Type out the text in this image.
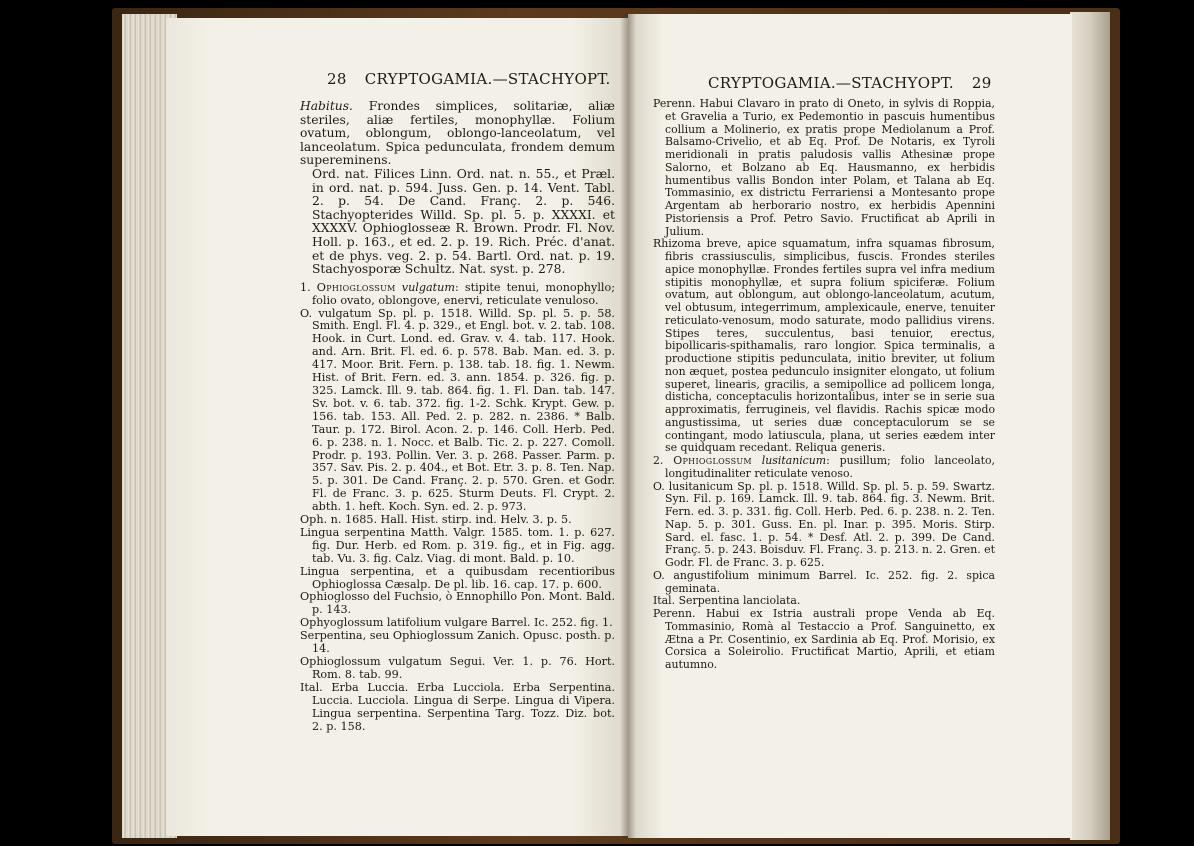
28 CRYPTOGAMIA.—STACHYOPT.

Habitus. Frondes simplices, solitariæ, aliæ steriles, aliæ fertiles, monophyllæ. Folium ovatum, oblongum, oblongo-lanceolatum, vel lanceolatum. Spica pedunculata, frondem demum supereminens.

Ord. nat. Filices Linn. Ord. nat. n. 55., et Præl. in ord. nat. p. 594. Juss. Gen. p. 14. Vent. Tabl. 2. p. 54. De Cand. Franç. 2. p. 546. Stachyopterides Willd. Sp. pl. 5. p. XXXXI. et XXXXV. Ophioglosseæ R. Brown. Prodr. Fl. Nov. Holl. p. 163., et ed. 2. p. 19. Rich. Préc. d'anat. et de phys. veg. 2. p. 54. Bartl. Ord. nat. p. 19. Stachyosporæ Schultz. Nat. syst. p. 278.

1. Ophioglossum vulgatum: stipite tenui, monophyllo; folio ovato, oblongove, enervi, reticulate venuloso.

O. vulgatum Sp. pl. p. 1518. Willd. Sp. pl. 5. p. 58. Smith. Engl. Fl. 4. p. 329., et Engl. bot. v. 2. tab. 108. Hook. in Curt. Lond. ed. Grav. v. 4. tab. 117. Hook. and. Arn. Brit. Fl. ed. 6. p. 578. Bab. Man. ed. 3. p. 417. Moor. Brit. Fern. p. 138. tab. 18. fig. 1. Newm. Hist. of Brit. Fern. ed. 3. ann. 1854. p. 326. fig. p. 325. Lamck. Ill. 9. tab. 864. fig. 1. Fl. Dan. tab. 147. Sv. bot. v. 6. tab. 372. fig. 1-2. Schk. Krypt. Gew. p. 156. tab. 153. All. Ped. 2. p. 282. n. 2386. * Balb. Taur. p. 172. Birol. Acon. 2. p. 146. Coll. Herb. Ped. 6. p. 238. n. 1. Nocc. et Balb. Tic. 2. p. 227. Comoll. Prodr. p. 193. Pollin. Ver. 3. p. 268. Passer. Parm. p. 357. Sav. Pis. 2. p. 404., et Bot. Etr. 3. p. 8. Ten. Nap. 5. p. 301. De Cand. Franç. 2. p. 570. Gren. et Godr. Fl. de Franc. 3. p. 625. Sturm Deuts. Fl. Crypt. 2. abth. 1. heft. Koch. Syn. ed. 2. p. 973.

Oph. n. 1685. Hall. Hist. stirp. ind. Helv. 3. p. 5.

Lingua serpentina Matth. Valgr. 1585. tom. 1. p. 627. fig. Dur. Herb. ed Rom. p. 319. fig., et in Fig. agg. tab. Vu. 3. fig. Calz. Viag. di mont. Bald. p. 10.

Lingua serpentina, et a quibusdam recentioribus Ophioglossa Cæsalp. De pl. lib. 16. cap. 17. p. 600.

Ophioglosso del Fuchsio, ò Ennophillo Pon. Mont. Bald. p. 143.

Ophyoglossum latifolium vulgare Barrel. Ic. 252. fig. 1.

Serpentina, seu Ophioglossum Zanich. Opusc. posth. p. 14.

Ophioglossum vulgatum Segui. Ver. 1. p. 76. Hort. Rom. 8. tab. 99.

Ital. Erba Luccia. Erba Lucciola. Erba Serpentina. Luccia. Lucciola. Lingua di Serpe. Lingua di Vipera. Lingua serpentina. Serpentina Targ. Tozz. Diz. bot. 2. p. 158.

CRYPTOGAMIA.—STACHYOPT. 29

Perenn. Habui Clavaro in prato di Oneto, in sylvis di Roppia, et Gravelia a Turio, ex Pedemontio in pascuis humentibus collium a Molinerio, ex pratis prope Mediolanum a Prof. Balsamo-Crivelio, et ab Eq. Prof. De Notaris, ex Tyroli meridionali in pratis paludosis vallis Athesinæ prope Salorno, et Bolzano ab Eq. Hausmanno, ex herbidis humentibus vallis Bondon inter Polam, et Talana ab Eq. Tommasinio, ex districtu Ferrariensi a Montesanto prope Argentam ab herborario nostro, ex herbidis Apennini Pistoriensis a Prof. Petro Savio. Fructificat ab Aprili in Julium.

Rhizoma breve, apice squamatum, infra squamas fibrosum, fibris crassiusculis, simplicibus, fuscis. Frondes steriles apice monophyllæ. Frondes fertiles supra vel infra medium stipitis monophyllæ, et supra folium spiciferæ. Folium ovatum, aut oblongum, aut oblongo-lanceolatum, acutum, vel obtusum, integerrimum, amplexicaule, enerve, tenuiter reticulato-venosum, modo saturate, modo pallidius virens. Stipes teres, succulentus, basi tenuior, erectus, bipollicaris-spithamalis, raro longior. Spica terminalis, a productione stipitis pedunculata, initio breviter, ut folium non æquet, postea pedunculo insigniter elongato, ut folium superet, linearis, gracilis, a semipollice ad pollicem longa, disticha, conceptaculis horizontalibus, inter se in serie sua approximatis, ferrugineis, vel flavidis. Rachis spicæ modo angustissima, ut series duæ conceptaculorum se se contingant, modo latiuscula, plana, ut series eædem inter se quidquam recedant. Reliqua generis.

2. Ophioglossum lusitanicum: pusillum; folio lanceolato, longitudinaliter reticulate venoso.

O. lusitanicum Sp. pl. p. 1518. Willd. Sp. pl. 5. p. 59. Swartz. Syn. Fil. p. 169. Lamck. Ill. 9. tab. 864. fig. 3. Newm. Brit. Fern. ed. 3. p. 331. fig. Coll. Herb. Ped. 6. p. 238. n. 2. Ten. Nap. 5. p. 301. Guss. En. pl. Inar. p. 395. Moris. Stirp. Sard. el. fasc. 1. p. 54. * Desf. Atl. 2. p. 399. De Cand. Franç. 5. p. 243. Boisduv. Fl. Franç. 3. p. 213. n. 2. Gren. et Godr. Fl. de Franc. 3. p. 625.

O. angustifolium minimum Barrel. Ic. 252. fig. 2. spica geminata.

Ital. Serpentina lanciolata.

Perenn. Habui ex Istria australi prope Venda ab Eq. Tommasinio, Romà al Testaccio a Prof. Sanguinetto, ex Ætna a Pr. Cosentinio, ex Sardinia ab Eq. Prof. Morisio, ex Corsica a Soleirolio. Fructificat Martio, Aprili, et etiam autumno.
